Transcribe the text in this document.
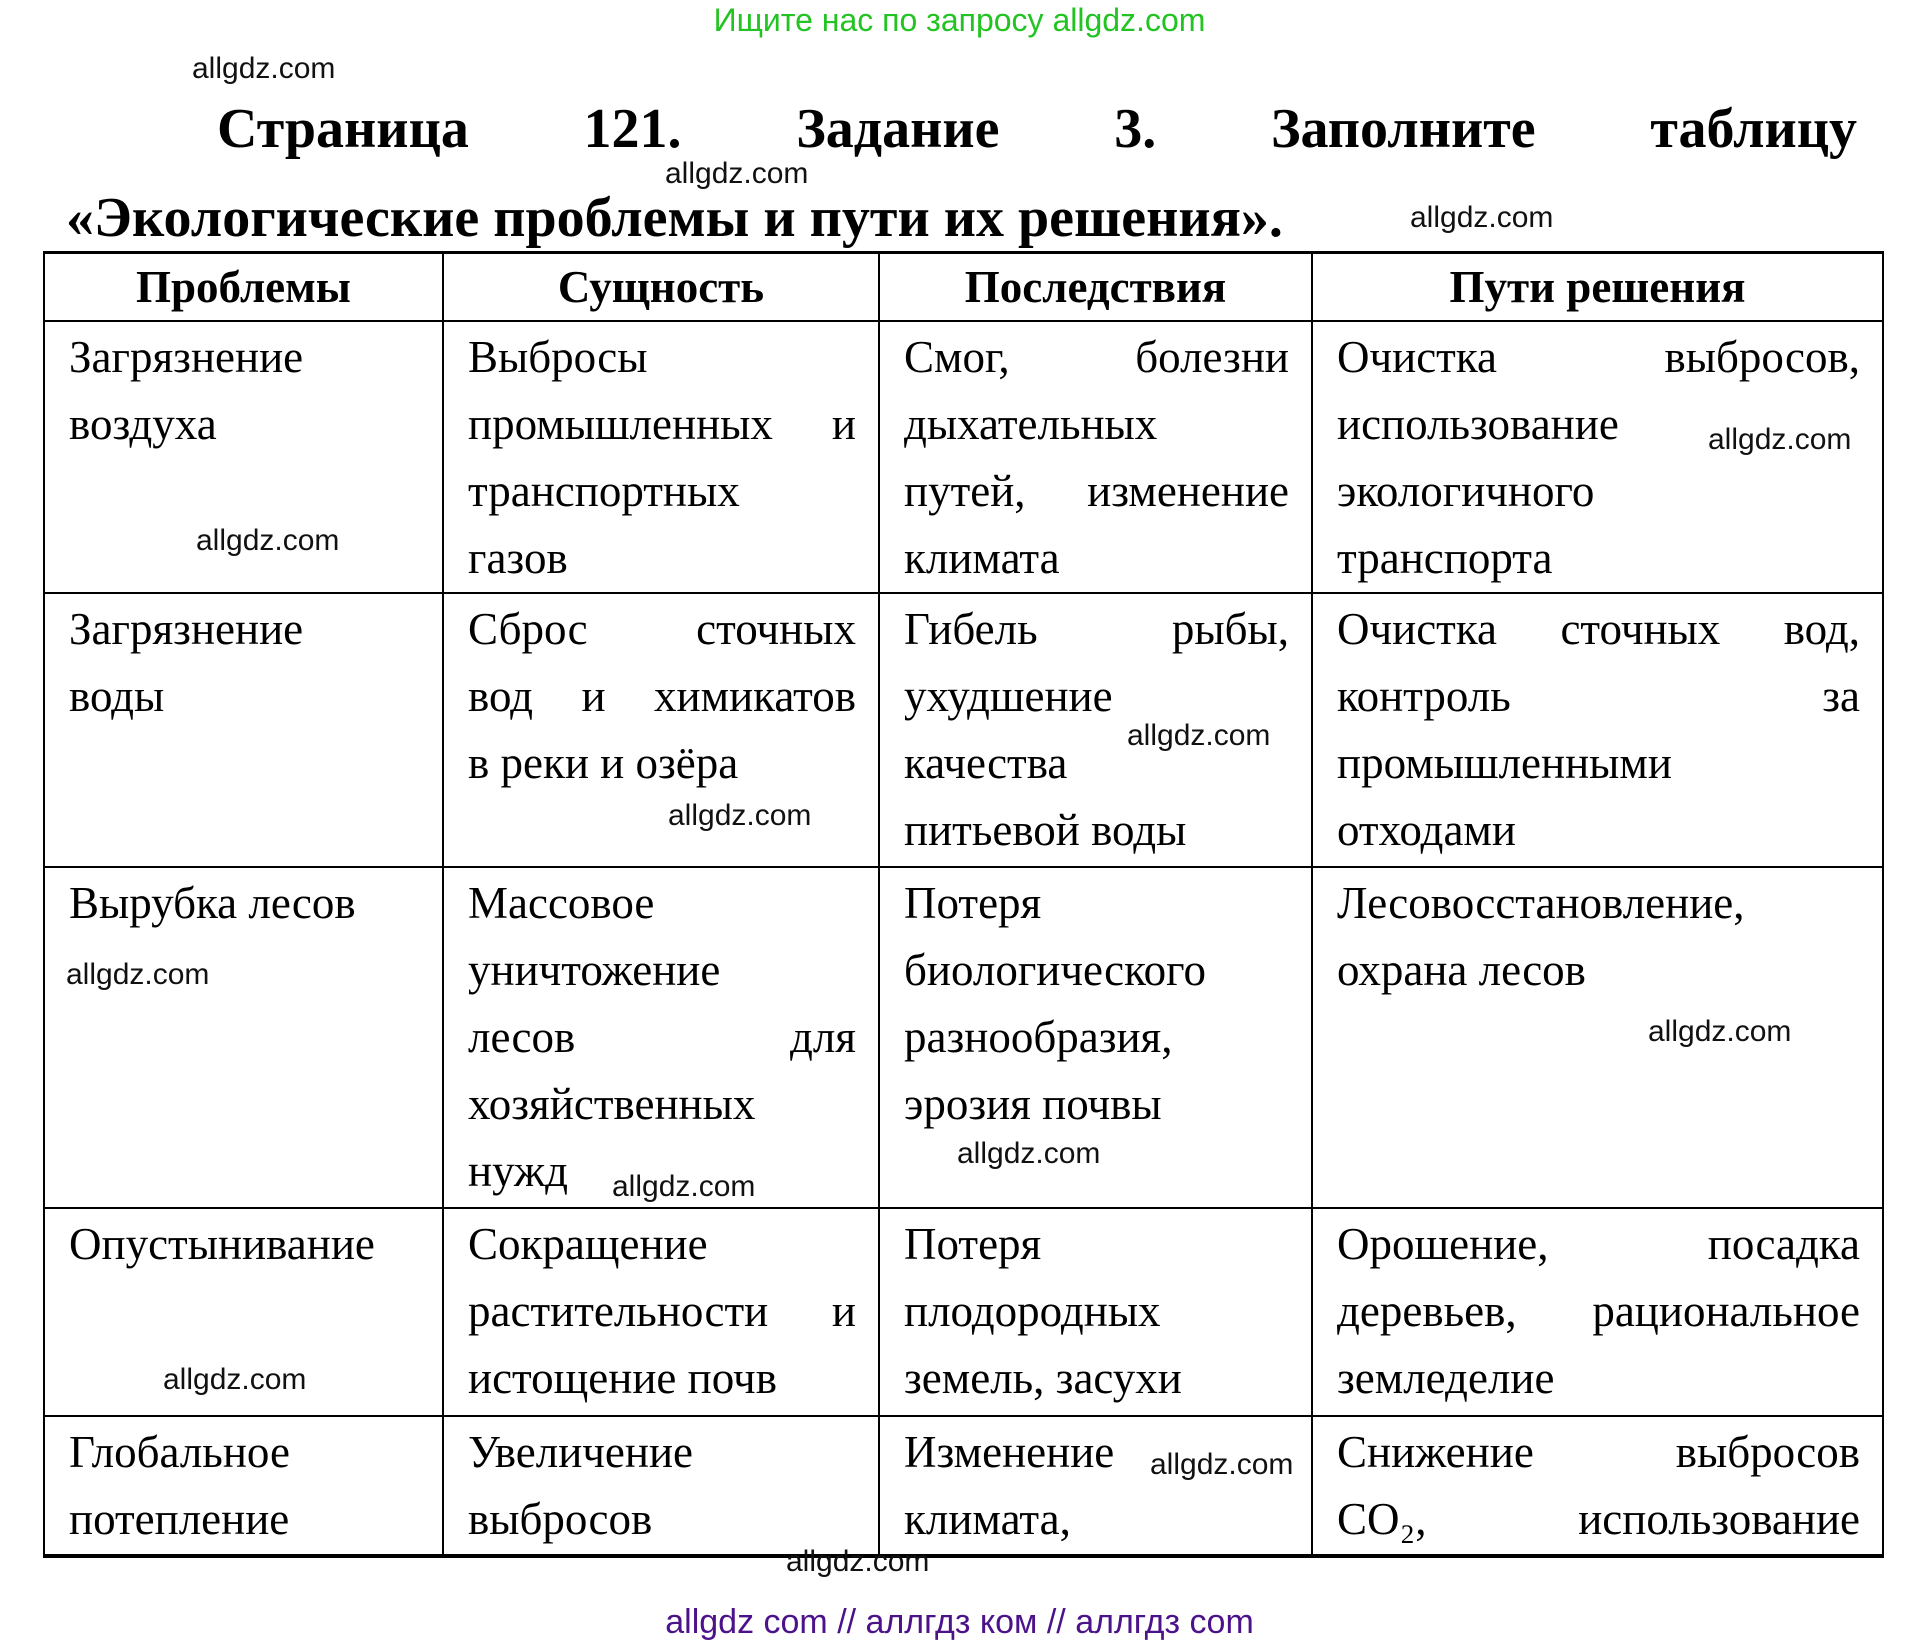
Ищите нас по запросу allgdz.com
Страница 121. Задание 3. Заполните таблицу
«Экологические проблемы и пути их решения».
Проблемы	Сущность	Последствия	Пути решения

Загрязнение
воздуха	Выбросы
промышленных и
транспортных
газов	Смог, болезни
дыхательных
путей, изменение
климата	Очистка выбросов,
использование
экологичного
транспорта

Загрязнение
воды	Сброс сточных
вод и химикатов
в реки и озёра	Гибель рыбы,
ухудшение
качества
питьевой воды	Очистка сточных вод,
контроль за
промышленными
отходами

Вырубка лесов	Массовое
уничтожение
лесов для
хозяйственных
нужд	Потеря
биологического
разнообразия,
эрозия почвы	Лесовосстановление,
охрана лесов

Опустынивание	Сокращение
растительности и
истощение почв	Потеря
плодородных
земель, засухи	Орошение, посадка
деревьев, рациональное
земледелие

Глобальное
потепление	Увеличение
выбросов	Изменение
климата,	Снижение выбросов
CO₂, использование
allgdz.com
allgdz.com
allgdz.com
allgdz.com
allgdz.com
allgdz.com
allgdz.com
allgdz.com
allgdz.com
allgdz.com
allgdz.com
allgdz.com
allgdz.com
allgdz.com
allgdz com // аллгдз ком // аллгдз com
